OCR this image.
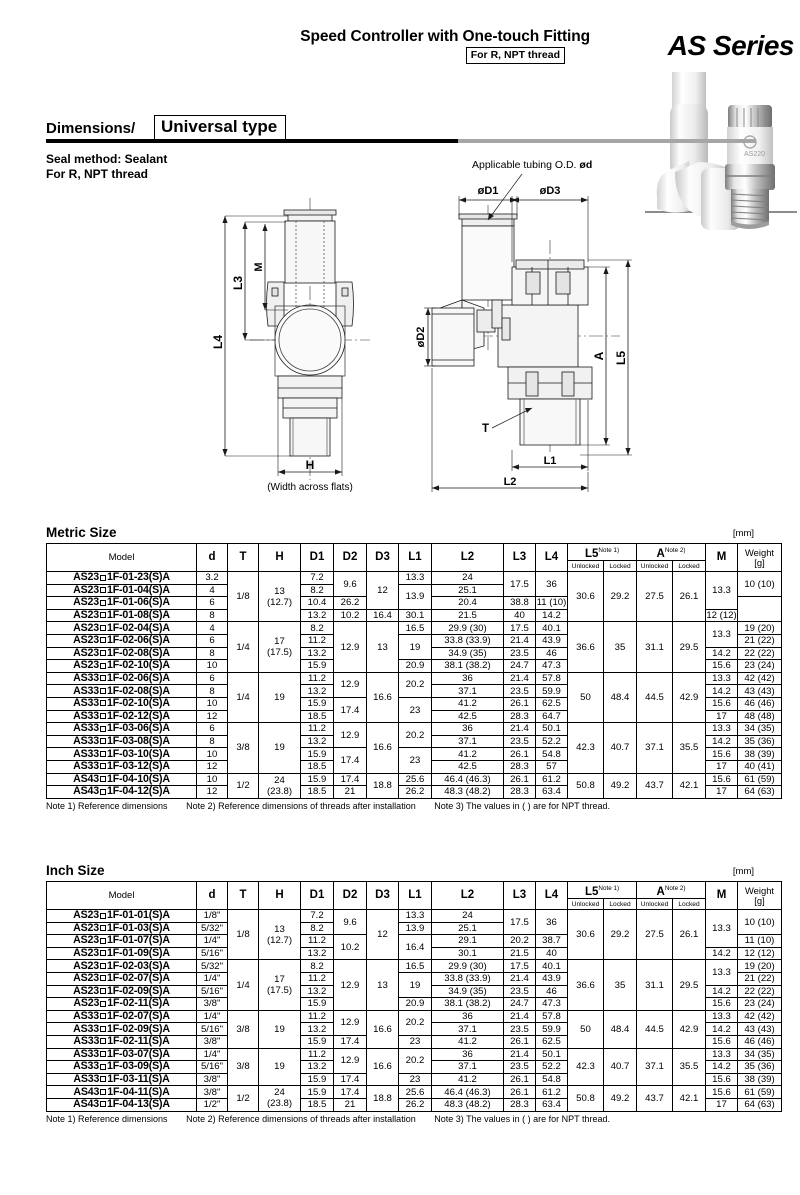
Speed Controller with One-touch Fitting
For R, NPT thread	AS Series
AS220
Dimensions/	Universal type
Seal method: Sealant
For R, NPT thread
L4
L3
M
H
(Width across flats)
Applicable tubing O.D. ød
øD1	øD3
øD2
A L5
T
L1
L2
Metric Size	[mm]
Model	d	T	H	D1	D2	D3	L1	L2	L3	L4	L5$^{Note 1)}$		A$^{Note 2)}$		M	Weight
[g]
											Unlocked	Locked	Unlocked	Locked		
AS23 1F-01-23(S)A	3.2	1/8	13
(12.7)	7.2	9.6	12	13.3	24	17.5	36	30.6	29.2	27.5	26.1	13.3	10 (10)
AS23 1F-01-04(S)A	4			8.2			13.9	25.1								
AS23 1F-01-06(S)A	6			10.4	26.2			20.4	38.8	11 (10)						
AS23 1F-01-08(S)A	8			13.2	10.2	16.4	30.1	21.5	40	14.2					12 (12)	
AS23 1F-02-04(S)A	4	1/4	17
(17.5)	8.2	12.9	13	16.5	29.9 (30)	17.5	40.1	36.6	35	31.1	29.5	13.3	19 (20)
AS23 1F-02-06(S)A	6			11.2			19	33.8 (33.9)	21.4	43.9						21 (22)
AS23 1F-02-08(S)A	8			13.2				34.9 (35)	23.5	46					14.2	22 (22)
AS23 1F-02-10(S)A	10			15.9			20.9	38.1 (38.2)	24.7	47.3					15.6	23 (24)
AS33 1F-02-06(S)A	6	1/4	19	11.2	12.9	16.6	20.2	36	21.4	57.8	50	48.4	44.5	42.9	13.3	42 (42)
AS33 1F-02-08(S)A	8			13.2				37.1	23.5	59.9					14.2	43 (43)
AS33 1F-02-10(S)A	10			15.9	17.4		23	41.2	26.1	62.5					15.6	46 (46)
AS33 1F-02-12(S)A	12			18.5				42.5	28.3	64.7					17	48 (48)
AS33 1F-03-06(S)A	6	3/8	19	11.2	12.9	16.6	20.2	36	21.4	50.1	42.3	40.7	37.1	35.5	13.3	34 (35)
AS33 1F-03-08(S)A	8			13.2				37.1	23.5	52.2					14.2	35 (36)
AS33 1F-03-10(S)A	10			15.9	17.4		23	41.2	26.1	54.8					15.6	38 (39)
AS33 1F-03-12(S)A	12			18.5				42.5	28.3	57					17	40 (41)
AS43 1F-04-10(S)A	10	1/2	24
(23.8)	15.9	17.4	18.8	25.6	46.4 (46.3)	26.1	61.2	50.8	49.2	43.7	42.1	15.6	61 (59)
AS43 1F-04-12(S)A	12			18.5	21		26.2	48.3 (48.2)	28.3	63.4					17	64 (63)
Note 1) Reference dimensions Note 2) Reference dimensions of threads after installation Note 3) The values in ( ) are for NPT thread.
Inch Size	[mm]
Model	d	T	H	D1	D2	D3	L1	L2	L3	L4	L5$^{Note 1)}$		A$^{Note 2)}$		M	Weight
[g]
											Unlocked	Locked	Unlocked	Locked		
AS23 1F-01-01(S)A	1/8"	1/8	13
(12.7)	7.2	9.6	12	13.3	24	17.5	36	30.6	29.2	27.5	26.1	13.3	10 (10)
AS23 1F-01-03(S)A	5/32"			8.2			13.9	25.1								
AS23 1F-01-07(S)A	1/4"			11.2	10.2		16.4	29.1	20.2	38.7						11 (10)
AS23 1F-01-09(S)A	5/16"			13.2				30.1	21.5	40					14.2	12 (12)
AS23 1F-02-03(S)A	5/32"	1/4	17
(17.5)	8.2	12.9	13	16.5	29.9 (30)	17.5	40.1	36.6	35	31.1	29.5	13.3	19 (20)
AS23 1F-02-07(S)A	1/4"			11.2			19	33.8 (33.9)	21.4	43.9						21 (22)
AS23 1F-02-09(S)A	5/16"			13.2				34.9 (35)	23.5	46					14.2	22 (22)
AS23 1F-02-11(S)A	3/8"			15.9			20.9	38.1 (38.2)	24.7	47.3					15.6	23 (24)
AS33 1F-02-07(S)A	1/4"	3/8	19	11.2	12.9	16.6	20.2	36	21.4	57.8	50	48.4	44.5	42.9	13.3	42 (42)
AS33 1F-02-09(S)A	5/16"			13.2				37.1	23.5	59.9					14.2	43 (43)
AS33 1F-02-11(S)A	3/8"			15.9	17.4		23	41.2	26.1	62.5					15.6	46 (46)
AS33 1F-03-07(S)A	1/4"	3/8	19	11.2	12.9	16.6	20.2	36	21.4	50.1	42.3	40.7	37.1	35.5	13.3	34 (35)
AS33 1F-03-09(S)A	5/16"			13.2				37.1	23.5	52.2					14.2	35 (36)
AS33 1F-03-11(S)A	3/8"			15.9	17.4		23	41.2	26.1	54.8					15.6	38 (39)
AS43 1F-04-11(S)A	3/8"	1/2	24
(23.8)	15.9	17.4	18.8	25.6	46.4 (46.3)	26.1	61.2	50.8	49.2	43.7	42.1	15.6	61 (59)
AS43 1F-04-13(S)A	1/2"			18.5	21		26.2	48.3 (48.2)	28.3	63.4					17	64 (63)
Note 1) Reference dimensions Note 2) Reference dimensions of threads after installation Note 3) The values in ( ) are for NPT thread.
